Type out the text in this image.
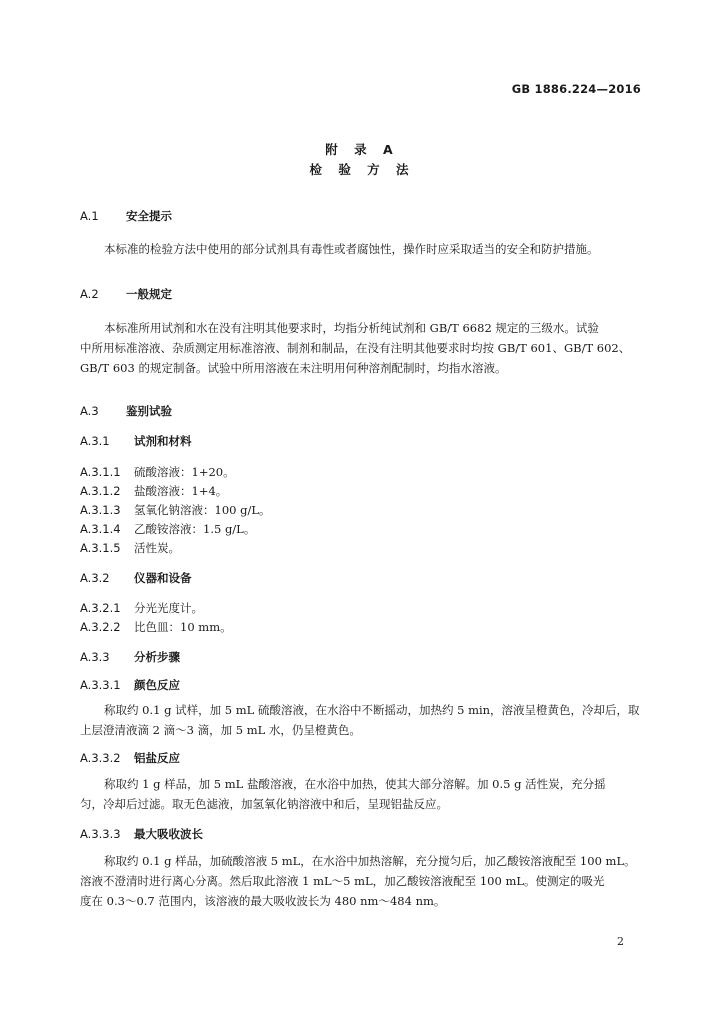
GB 1886.224—2016
附 录 A
检 验 方 法
A.1 安全提示
本标准的检验方法中使用的部分试剂具有毒性或者腐蚀性，操作时应采取适当的安全和防护措施。
A.2 一般规定
本标准所用试剂和水在没有注明其他要求时，均指分析纯试剂和 GB/T 6682 规定的三级水。试验
中所用标准溶液、杂质测定用标准溶液、制剂和制品，在没有注明其他要求时均按 GB/T 601、GB/T 602、
GB/T 603 的规定制备。试验中所用溶液在未注明用何种溶剂配制时，均指水溶液。
A.3 鉴别试验
A.3.1 试剂和材料
A.3.1.1 硫酸溶液：1+20。
A.3.1.2 盐酸溶液：1+4。
A.3.1.3 氢氧化钠溶液：100 g/L。
A.3.1.4 乙酸铵溶液：1.5 g/L。
A.3.1.5 活性炭。
A.3.2 仪器和设备
A.3.2.1 分光光度计。
A.3.2.2 比色皿：10 mm。
A.3.3 分析步骤
A.3.3.1 颜色反应
称取约 0.1 g 试样，加 5 mL 硫酸溶液，在水浴中不断摇动，加热约 5 min，溶液呈橙黄色，冷却后，取
上层澄清液滴 2 滴～3 滴，加 5 mL 水，仍呈橙黄色。
A.3.3.2 铝盐反应
称取约 1 g 样品，加 5 mL 盐酸溶液，在水浴中加热，使其大部分溶解。加 0.5 g 活性炭，充分摇
匀，冷却后过滤。取无色滤液，加氢氧化钠溶液中和后，呈现铝盐反应。
A.3.3.3 最大吸收波长
称取约 0.1 g 样品，加硫酸溶液 5 mL，在水浴中加热溶解，充分搅匀后，加乙酸铵溶液配至 100 mL。
溶液不澄清时进行离心分离。然后取此溶液 1 mL～5 mL，加乙酸铵溶液配至 100 mL。使测定的吸光
度在 0.3～0.7 范围内，该溶液的最大吸收波长为 480 nm～484 nm。
2
